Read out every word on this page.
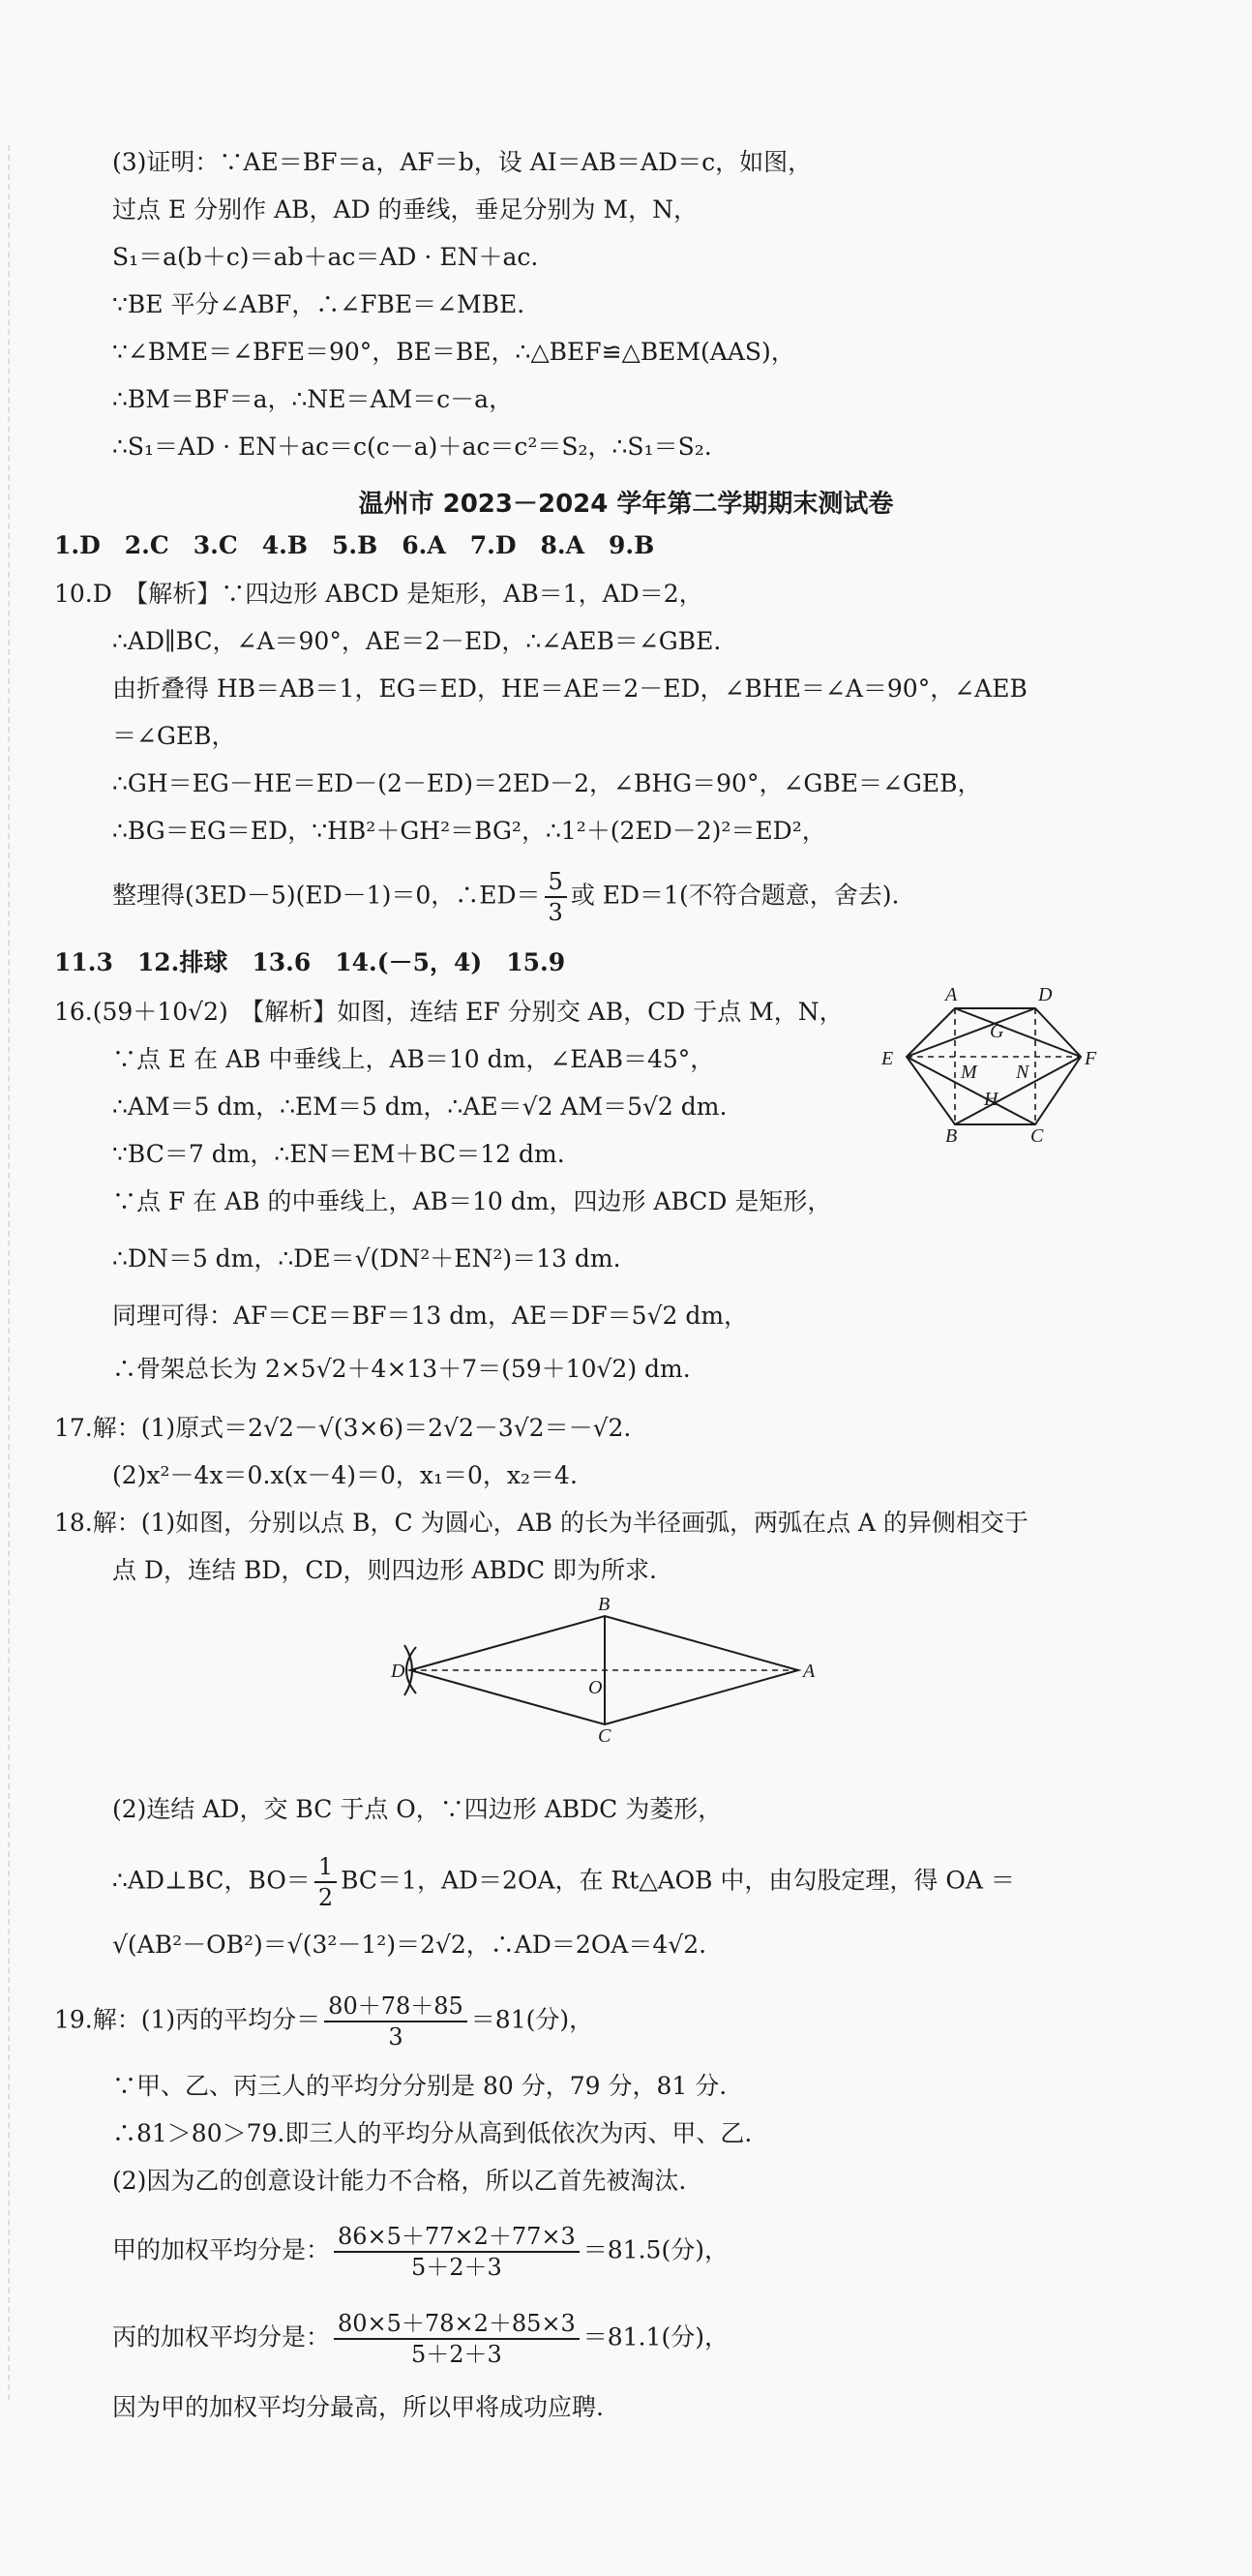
(3)证明：∵AE＝BF＝a，AF＝b，设 AI＝AB＝AD＝c，如图，
过点 E 分别作 AB，AD 的垂线，垂足分别为 M，N，
S₁＝a(b＋c)＝ab＋ac＝AD · EN＋ac.
∵BE 平分∠ABF，∴∠FBE＝∠MBE.
∵∠BME＝∠BFE＝90°，BE＝BE，∴△BEF≌△BEM(AAS)，
∴BM＝BF＝a，∴NE＝AM＝c－a，
∴S₁＝AD · EN＋ac＝c(c－a)＋ac＝c²＝S₂，∴S₁＝S₂.
温州市 2023－2024 学年第二学期期末测试卷
1.D　2.C　3.C　4.B　5.B　6.A　7.D　8.A　9.B
10.D　【解析】∵四边形 ABCD 是矩形，AB＝1，AD＝2，
∴AD∥BC，∠A＝90°，AE＝2－ED，∴∠AEB＝∠GBE.
由折叠得 HB＝AB＝1，EG＝ED，HE＝AE＝2－ED，∠BHE＝∠A＝90°，∠AEB
＝∠GEB，
∴GH＝EG－HE＝ED－(2－ED)＝2ED－2，∠BHG＝90°，∠GBE＝∠GEB，
∴BG＝EG＝ED，∵HB²＋GH²＝BG²，∴1²＋(2ED－2)²＝ED²，
整理得(3ED－5)(ED－1)＝0，∴ED＝ $\frac{5}{3}$ 或 ED＝1(不符合题意，舍去).
11.3　12.排球　13.6　14.(－5，4)　15.9
16.(59＋10√2)　【解析】如图，连结 EF 分别交 AB，CD 于点 M，N，
∵点 E 在 AB 中垂线上，AB＝10 dm，∠EAB＝45°，
∴AM＝5 dm，∴EM＝5 dm，∴AE＝√2 AM＝5√2 dm.
∵BC＝7 dm，∴EN＝EM＋BC＝12 dm.
∵点 F 在 AB 的中垂线上，AB＝10 dm，四边形 ABCD 是矩形，
∴DN＝5 dm，∴DE＝√(DN²＋EN²)＝13 dm.
同理可得：AF＝CE＝BF＝13 dm，AE＝DF＝5√2 dm，
∴骨架总长为 2×5√2＋4×13＋7＝(59＋10√2) dm.
A	D
E	F
G
H
M N
B	C
17.解：(1)原式＝2√2－√(3×6)＝2√2－3√2＝－√2.
(2)x²－4x＝0.x(x－4)＝0，x₁＝0，x₂＝4.
18.解：(1)如图，分别以点 B，C 为圆心，AB 的长为半径画弧，两弧在点 A 的异侧相交于
点 D，连结 BD，CD，则四边形 ABDC 即为所求.
B
C
D	A
O
(2)连结 AD，交 BC 于点 O，∵四边形 ABDC 为菱形，
∴AD⊥BC，$BO= \frac{1}{2} BC=1$，AD＝2OA，在 Rt△AOB 中，由勾股定理，得 OA ＝
√(AB²－OB²)＝√(3²－1²)＝2√2，∴AD＝2OA＝4√2.
19.解：(1)丙的平均分＝ $\frac{80+78+85}{3} =81$(分)，
∵甲、乙、丙三人的平均分分别是 80 分，79 分，81 分.
∴81＞80＞79.即三人的平均分从高到低依次为丙、甲、乙.
(2)因为乙的创意设计能力不合格，所以乙首先被淘汰.
甲的加权平均分是： $\frac{86\times 5+77\times 2+77\times 3}{5+2+3} =81.5$(分)，
丙的加权平均分是： $\frac{80\times 5+78\times 2+85\times 3}{5+2+3} =81.1$(分)，
因为甲的加权平均分最高，所以甲将成功应聘.
